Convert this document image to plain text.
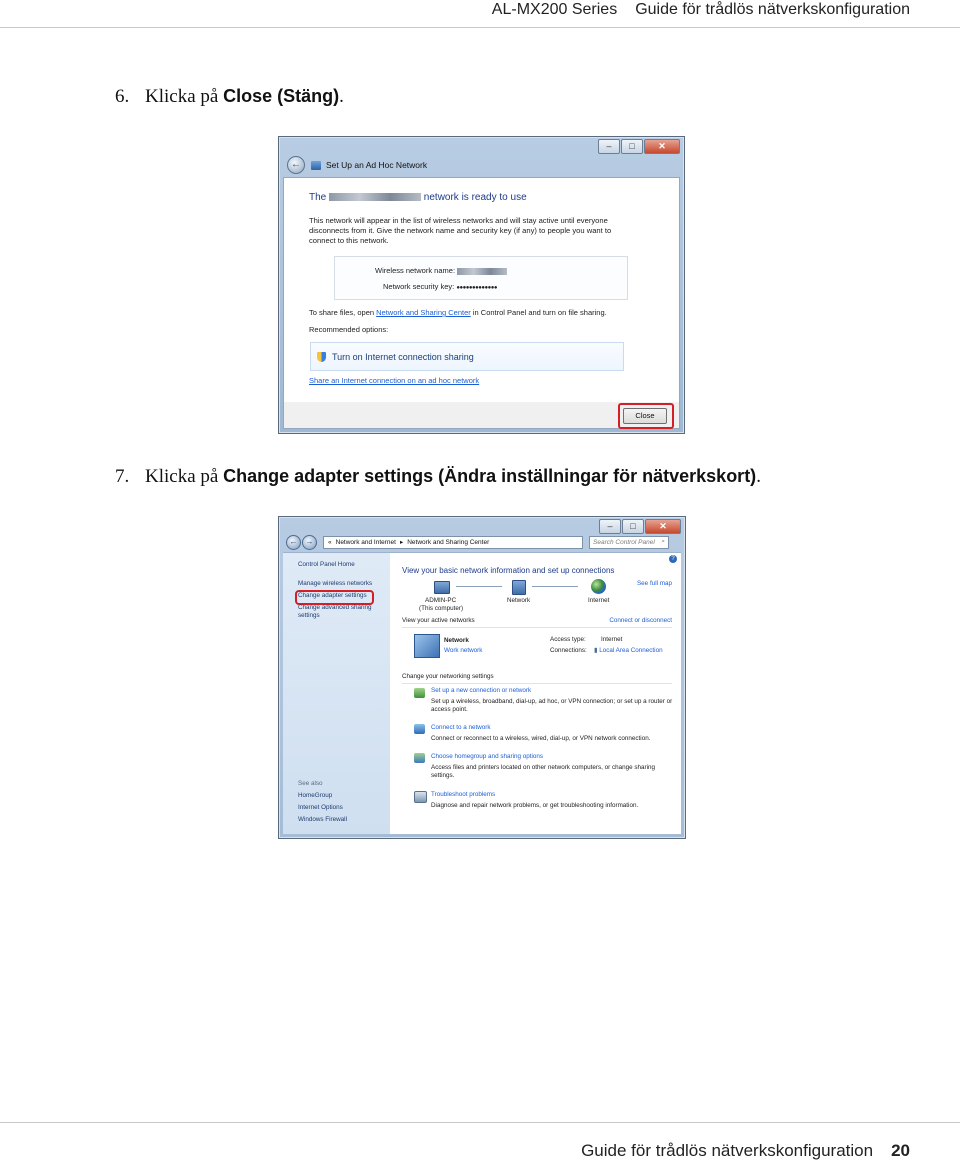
AL-MX200 Series Guide för trådlös nätverkskonfiguration
6. Klicka på Close (Stäng).
–	□	✕
←	Set Up an Ad Hoc Network
The	network is ready to use
This network will appear in the list of wireless networks and will stay active until everyone disconnects from it. Give the network name and security key (if any) to people you want to connect to this network.
Wireless network name:
Network security key: ●●●●●●●●●●●●●
To share files, open Network and Sharing Center in Control Panel and turn on file sharing.
Recommended options:
Turn on Internet connection sharing
Share an Internet connection on an ad hoc network
Close
7. Klicka på Change adapter settings (Ändra inställningar för nätverkskort).
–	□	✕
←	→	« Network and Internet ▸ Network and Sharing Center	Search Control Panel ⌕
Control Panel Home
Manage wireless networks
Change adapter settings
Change advanced sharing
settings
See also
HomeGroup
Internet Options
Windows Firewall
?
View your basic network information and set up connections
See full map
ADMIN-PC
(This computer)
Network	Internet
View your active networks	Connect or disconnect
Network
Work network
Access type: Internet
Connections: ▮ Local Area Connection
Change your networking settings
Set up a new connection or network
Set up a wireless, broadband, dial-up, ad hoc, or VPN connection; or set up a router or
access point.
Connect to a network
Connect or reconnect to a wireless, wired, dial-up, or VPN network connection.
Choose homegroup and sharing options
Access files and printers located on other network computers, or change sharing
settings.
Troubleshoot problems
Diagnose and repair network problems, or get troubleshooting information.
Guide för trådlös nätverkskonfiguration 20
